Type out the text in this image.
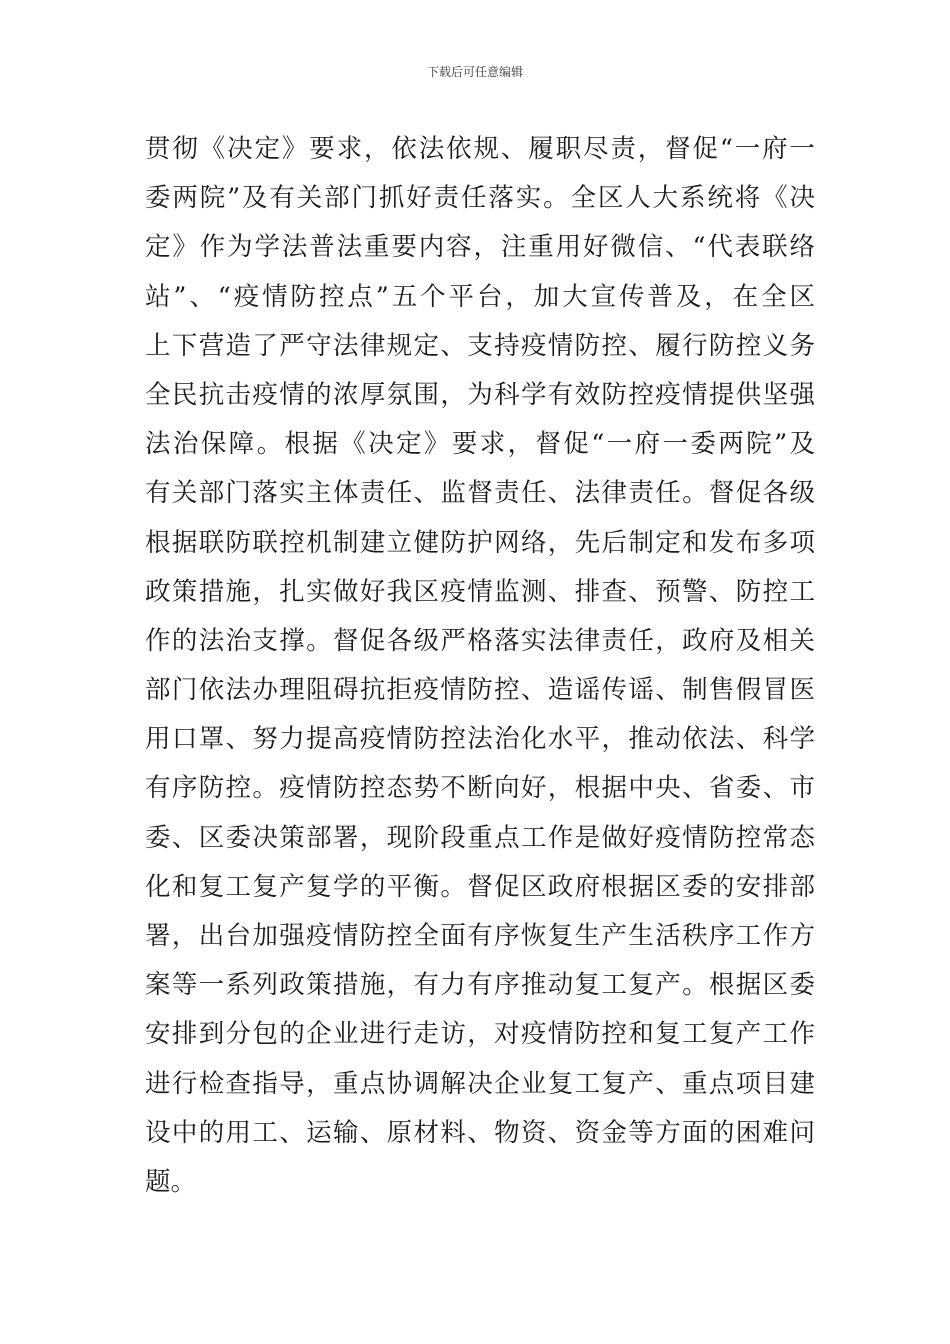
下载后可任意编辑
贯彻《决定》要求，依法依规、履职尽责，督促“一府一
委两院”及有关部门抓好责任落实。全区人大系统将《决
定》作为学法普法重要内容，注重用好微信、“代表联络
站”、“疫情防控点”五个平台，加大宣传普及，在全区
上下营造了严守法律规定、支持疫情防控、履行防控义务
全民抗击疫情的浓厚氛围，为科学有效防控疫情提供坚强
法治保障。根据《决定》要求，督促“一府一委两院”及
有关部门落实主体责任、监督责任、法律责任。督促各级
根据联防联控机制建立健防护网络，先后制定和发布多项
政策措施，扎实做好我区疫情监测、排查、预警、防控工
作的法治支撑。督促各级严格落实法律责任，政府及相关
部门依法办理阻碍抗拒疫情防控、造谣传谣、制售假冒医
用口罩、努力提高疫情防控法治化水平，推动依法、科学
有序防控。疫情防控态势不断向好，根据中央、省委、市
委、区委决策部署，现阶段重点工作是做好疫情防控常态
化和复工复产复学的平衡。督促区政府根据区委的安排部
署，出台加强疫情防控全面有序恢复生产生活秩序工作方
案等一系列政策措施，有力有序推动复工复产。根据区委
安排到分包的企业进行走访，对疫情防控和复工复产工作
进行检查指导，重点协调解决企业复工复产、重点项目建
设中的用工、运输、原材料、物资、资金等方面的困难问
题。
